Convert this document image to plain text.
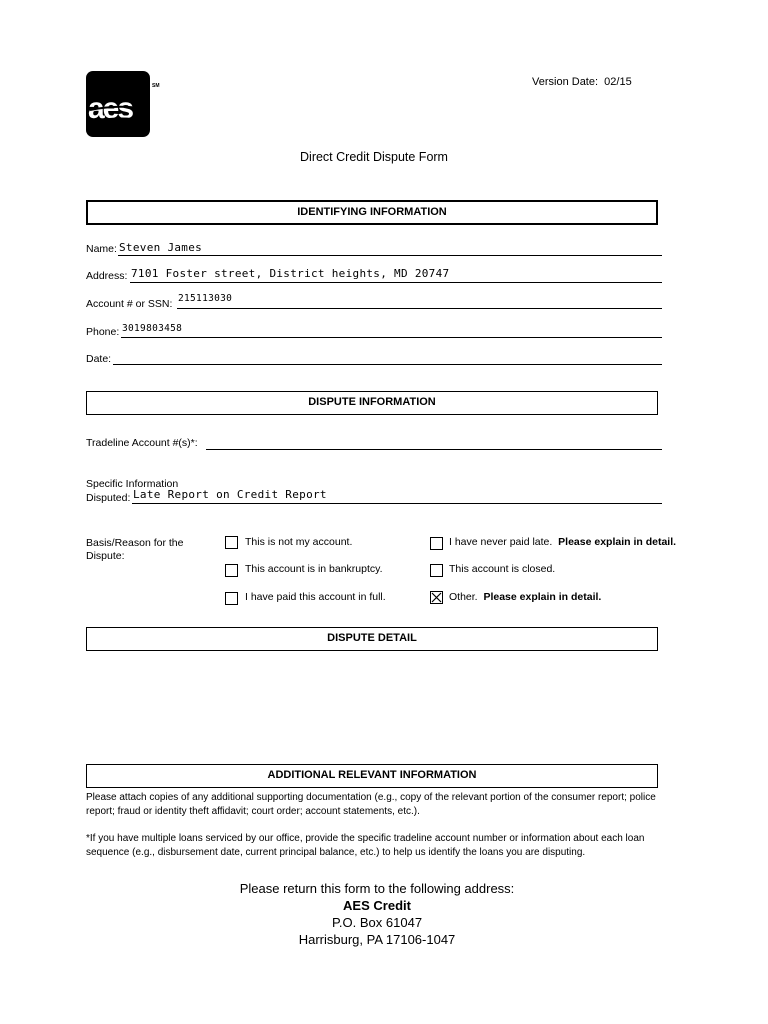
aes
SM	Version Date: 02/15
Direct Credit Dispute Form
IDENTIFYING INFORMATION
Name: Steven James
Address: 7101 Foster street, District heights, MD 20747
Account # or SSN: 215113030
Phone: 3019803458
Date:
DISPUTE INFORMATION
Tradeline Account #(s)*:
Specific Information
Disputed: Late Report on Credit Report
Basis/Reason for the
Dispute:
This is not my account.	I have never paid late. Please explain in detail.
This account is in bankruptcy.	This account is closed.
I have paid this account in full.	Other. Please explain in detail.
DISPUTE DETAIL
ADDITIONAL RELEVANT INFORMATION
Please attach copies of any additional supporting documentation (e.g., copy of the relevant portion of the consumer report; police report; fraud or identity theft affidavit; court order; account statements, etc.).
*If you have multiple loans serviced by our office, provide the specific tradeline account number or information about each loan sequence (e.g., disbursement date, current principal balance, etc.) to help us identify the loans you are disputing.
Please return this form to the following address:
AES Credit
P.O. Box 61047
Harrisburg, PA 17106-1047
